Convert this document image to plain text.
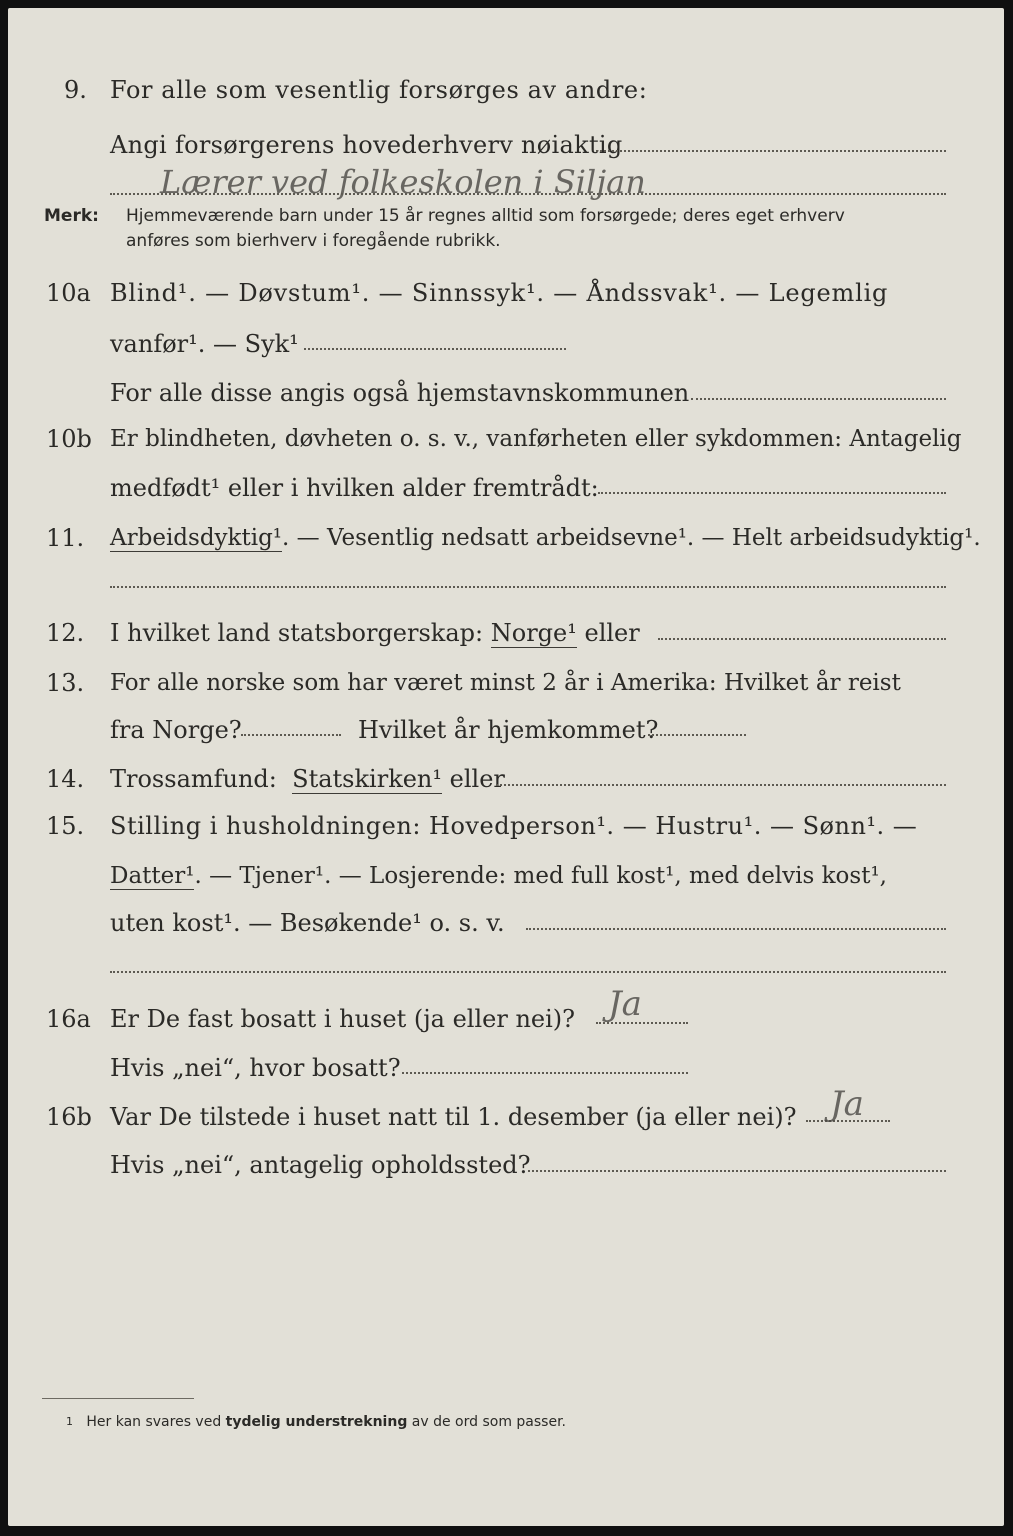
9. For alle som vesentlig forsørges av andre:
Angi forsørgerens hovederhverv nøiaktig
Lærer ved folkeskolen i Siljan
Merk: Hjemmeværende barn under 15 år regnes alltid som forsørgede; deres eget erhverv
anføres som bierhverv i foregående rubrikk.
10a Blind¹. — Døvstum¹. — Sinnssyk¹. — Åndssvak¹. — Legemlig
vanfør¹. — Syk¹
For alle disse angis også hjemstavnskommunen
10b Er blindheten, døvheten o. s. v., vanførheten eller sykdommen: Antagelig
medfødt¹ eller i hvilken alder fremtrådt:
11. Arbeidsdyktig¹. — Vesentlig nedsatt arbeidsevne¹. — Helt arbeidsudyktig¹.
12. I hvilket land statsborgerskap: Norge¹ eller
13. For alle norske som har været minst 2 år i Amerika: Hvilket år reist
fra Norge?	Hvilket år hjemkommet?
14. Trossamfund: Statskirken¹ eller
15. Stilling i husholdningen: Hovedperson¹. — Hustru¹. — Sønn¹. —
Datter¹. — Tjener¹. — Losjerende: med full kost¹, med delvis kost¹,
uten kost¹. — Besøkende¹ o. s. v.
16a Er De fast bosatt i huset (ja eller nei)? Ja
Hvis „nei“, hvor bosatt?
16b Var De tilstede i huset natt til 1. desember (ja eller nei)? Ja
Hvis „nei“, antagelig opholdssted?
$^1$ Her kan svares ved tydelig understrekning av de ord som passer.
